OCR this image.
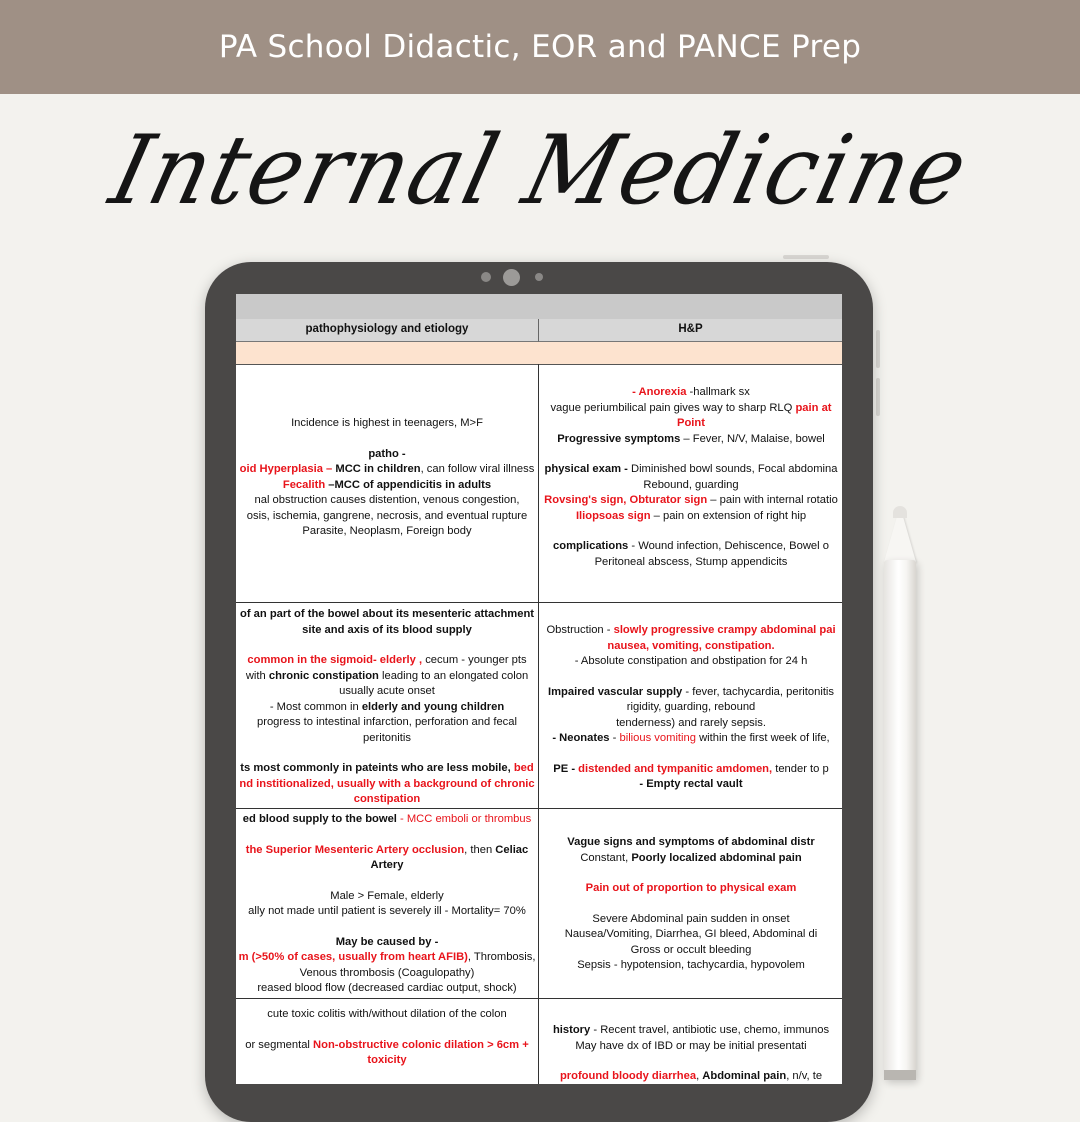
PA School Didactic, EOR and PANCE Prep
Internal Medicine
pathophysiology and etiology	H&P
Incidence is highest in teenagers, M>F
patho -
oid Hyperplasia – MCC in children, can follow viral illness
Fecalith –MCC of appendicitis in adults
nal obstruction causes distention, venous congestion,
osis, ischemia, gangrene, necrosis, and eventual rupture
Parasite, Neoplasm, Foreign body
- Anorexia -hallmark sx
vague periumbilical pain gives way to sharp RLQ pain at
Point
Progressive symptoms – Fever, N/V, Malaise, bowel
physical exam - Diminished bowl sounds, Focal abdomina
Rebound, guarding
Rovsing's sign, Obturator sign – pain with internal rotatio
Iliopsoas sign – pain on extension of right hip
complications - Wound infection, Dehiscence, Bowel o
Peritoneal abscess, Stump appendicits
of an part of the bowel about its mesenteric attachment
site and axis of its blood supply
common in the sigmoid- elderly , cecum - younger pts
with chronic constipation leading to an elongated colon
usually acute onset
- Most common in elderly and young children
progress to intestinal infarction, perforation and fecal
peritonitis
ts most commonly in pateints who are less mobile, bed
nd institionalized, usually with a background of chronic
constipation
Obstruction - slowly progressive crampy abdominal pai
nausea, vomiting, constipation.
- Absolute constipation and obstipation for 24 h
Impaired vascular supply - fever, tachycardia, peritonitis
rigidity, guarding, rebound
tenderness) and rarely sepsis.
- Neonates - bilious vomiting within the first week of life,
PE - distended and tympanitic amdomen, tender to p
- Empty rectal vault
ed blood supply to the bowel - MCC emboli or thrombus
the Superior Mesenteric Artery occlusion, then Celiac
Artery
Male > Female, elderly
ally not made until patient is severely ill - Mortality= 70%
May be caused by -
m (>50% of cases, usually from heart AFIB), Thrombosis,
Venous thrombosis (Coagulopathy)
reased blood flow (decreased cardiac output, shock)
Vague signs and symptoms of abdominal distr
Constant, Poorly localized abdominal pain
Pain out of proportion to physical exam
Severe Abdominal pain sudden in onset
Nausea/Vomiting, Diarrhea, GI bleed, Abdominal di
Gross or occult bleeding
Sepsis - hypotension, tachycardia, hypovolem
cute toxic colitis with/without dilation of the colon
or segmental Non-obstructive colonic dilation > 6cm +
toxicity
history - Recent travel, antibiotic use, chemo, immunos
May have dx of IBD or may be initial presentati
profound bloody diarrhea, Abdominal pain, n/v, te
